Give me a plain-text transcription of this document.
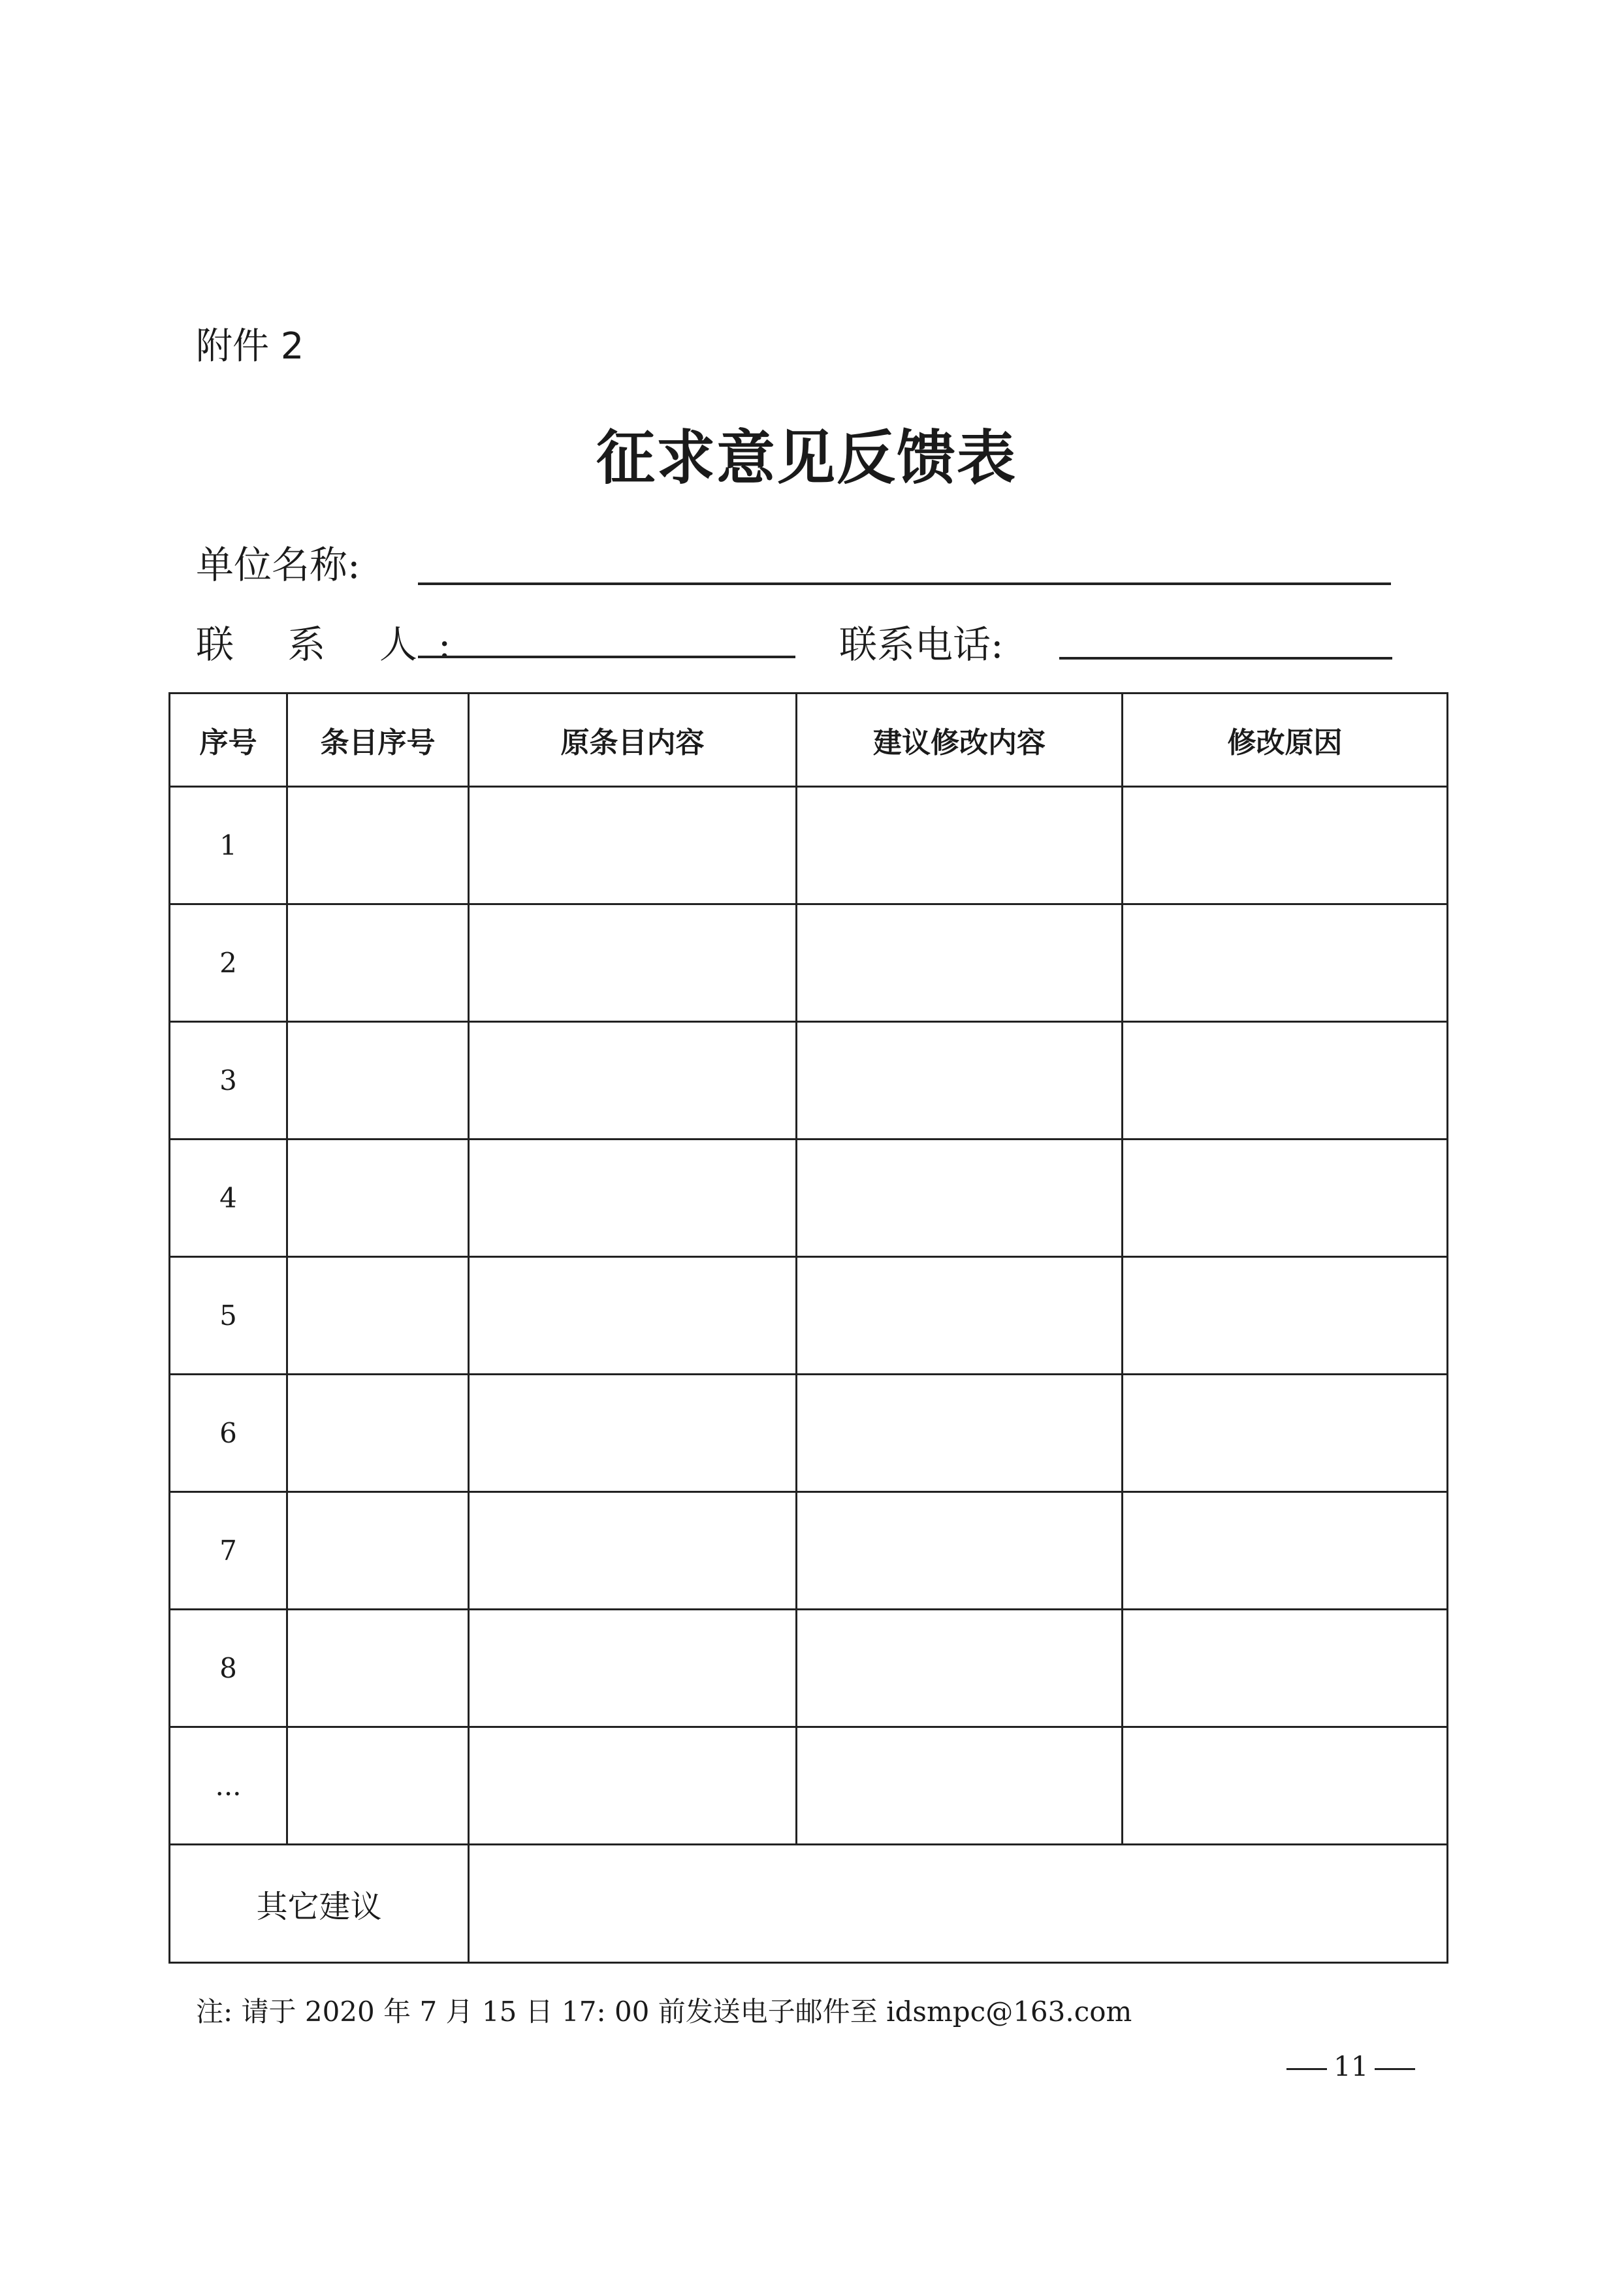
附件 2
征求意见反馈表
单位名称:
联 系 人:	联系电话:
序号	条目序号	原条目内容	建议修改内容	修改原因
1				
2				
3				
4				
5				
6				
7				
8				
...				
其它建议				
注: 请于 2020 年 7 月 15 日 17: 00 前发送电子邮件至 idsmpc@163.com
11
